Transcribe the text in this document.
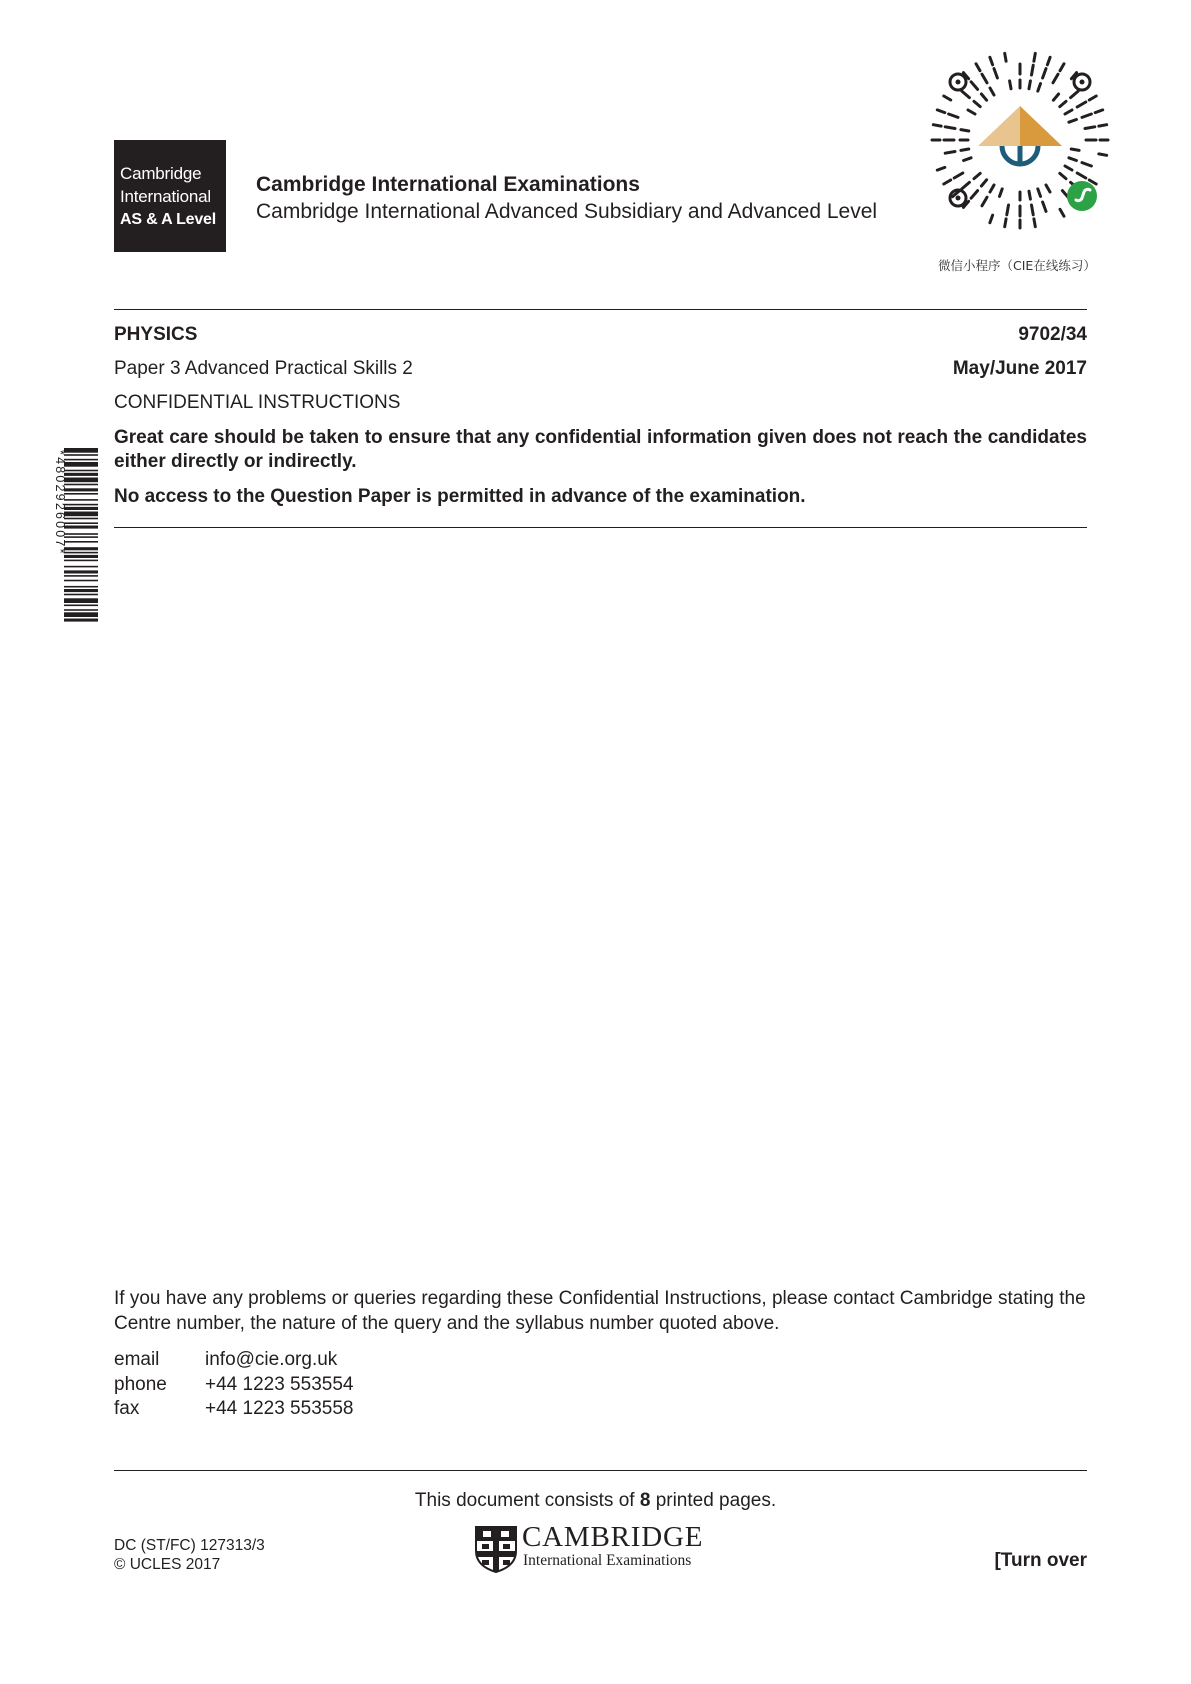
Cambridge
International
AS & A Level
Cambridge International Examinations
Cambridge International Advanced Subsidiary and Advanced Level
微信小程序（CIE在线练习）
PHYSICS	9702/34
Paper 3 Advanced Practical Skills 2	May/June 2017
CONFIDENTIAL INSTRUCTIONS
Great care should be taken to ensure that any confidential information given does not reach the candidates either directly or indirectly.
No access to the Question Paper is permitted in advance of the examination.
*4802926007*
If you have any problems or queries regarding these Confidential Instructions, please contact Cambridge stating the Centre number, the nature of the query and the syllabus number quoted above.
email info@cie.org.uk
phone +44 1223 553554
fax	+44 1223 553558
This document consists of 8 printed pages.
DC (ST/FC) 127313/3
© UCLES 2017
CAMBRIDGE
International Examinations	[Turn over
